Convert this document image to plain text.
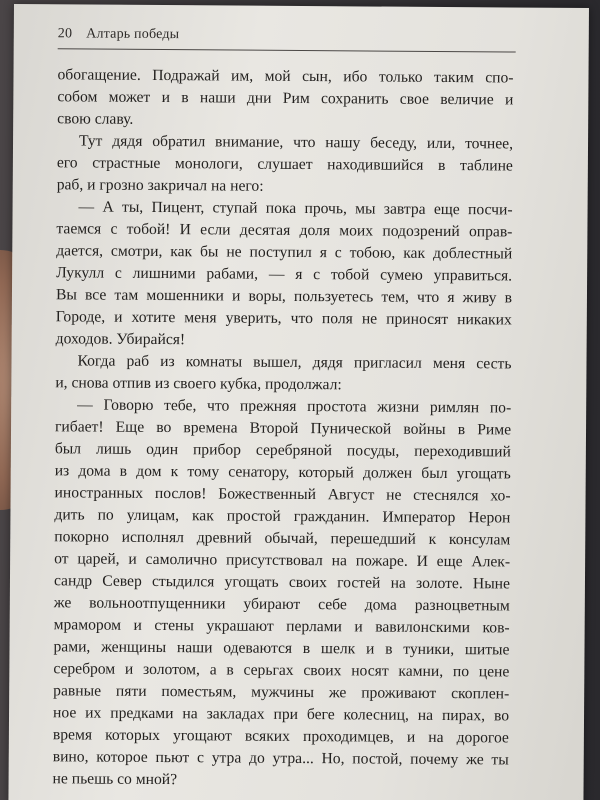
20 Алтарь победы
обогащение. Подражай им, мой сын, ибо только таким спо-
собом может и в наши дни Рим сохранить свое величие и
свою славу.
Тут дядя обратил внимание, что нашу беседу, или, точнее,
его страстные монологи, слушает находившийся в таблине
раб, и грозно закричал на него:
— А ты, Пицент, ступай пока прочь, мы завтра еще посчи-
таемся с тобой! И если десятая доля моих подозрений оправ-
дается, смотри, как бы не поступил я с тобою, как доблестный
Лукулл с лишними рабами, — я с тобой сумею управиться.
Вы все там мошенники и воры, пользуетесь тем, что я живу в
Городе, и хотите меня уверить, что поля не приносят никаких
доходов. Убирайся!
Когда раб из комнаты вышел, дядя пригласил меня сесть
и, снова отпив из своего кубка, продолжал:
— Говорю тебе, что прежняя простота жизни римлян по-
гибает! Еще во времена Второй Пунической войны в Риме
был лишь один прибор серебряной посуды, переходивший
из дома в дом к тому сенатору, который должен был угощать
иностранных послов! Божественный Август не стеснялся хо-
дить по улицам, как простой гражданин. Император Нерон
покорно исполнял древний обычай, перешедший к консулам
от царей, и самолично присутствовал на пожаре. И еще Алек-
сандр Север стыдился угощать своих гостей на золоте. Ныне
же вольноотпущенники убирают себе дома разноцветным
мрамором и стены украшают перлами и вавилонскими ков-
рами, женщины наши одеваются в шелк и в туники, шитые
серебром и золотом, а в серьгах своих носят камни, по цене
равные пяти поместьям, мужчины же проживают скоплен-
ное их предками на закладах при беге колесниц, на пирах, во
время которых угощают всяких проходимцев, и на дорогое
вино, которое пьют с утра до утра... Но, постой, почему же ты
не пьешь со мной?
